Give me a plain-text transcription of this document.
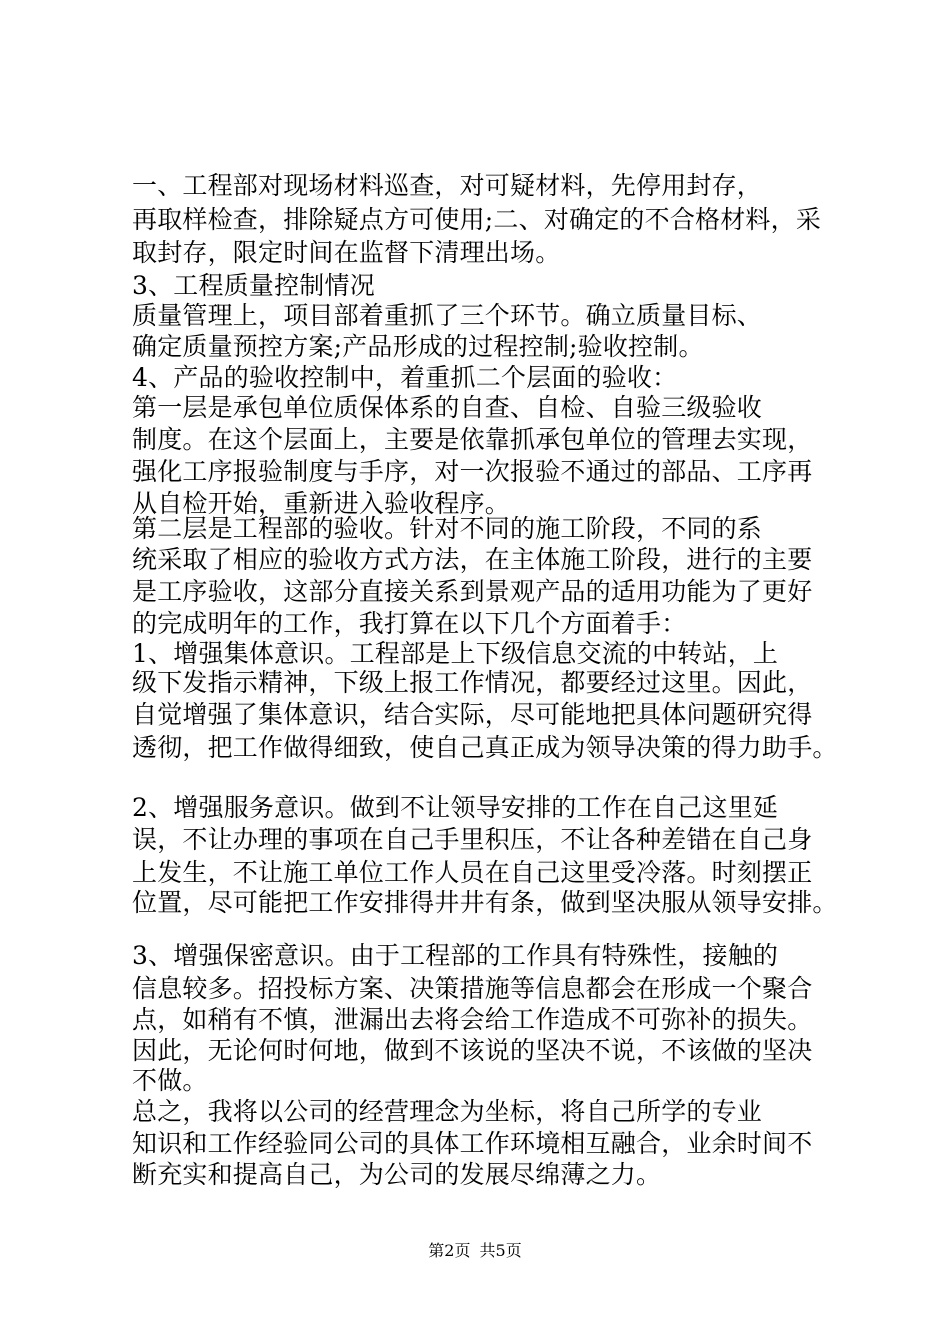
一、工程部对现场材料巡查，对可疑材料，先停用封存，
再取样检查，排除疑点方可使用;二、对确定的不合格材料，采
取封存，限定时间在监督下清理出场。
3、工程质量控制情况
质量管理上，项目部着重抓了三个环节。确立质量目标、
确定质量预控方案;产品形成的过程控制;验收控制。
4、产品的验收控制中，着重抓二个层面的验收：
第一层是承包单位质保体系的自查、自检、自验三级验收
制度。在这个层面上，主要是依靠抓承包单位的管理去实现，
强化工序报验制度与手序，对一次报验不通过的部品、工序再
从自检开始，重新进入验收程序。
第二层是工程部的验收。针对不同的施工阶段，不同的系
统采取了相应的验收方式方法，在主体施工阶段，进行的主要
是工序验收，这部分直接关系到景观产品的适用功能为了更好
的完成明年的工作，我打算在以下几个方面着手：
1、增强集体意识。工程部是上下级信息交流的中转站，上
级下发指示精神，下级上报工作情况，都要经过这里。因此，
自觉增强了集体意识，结合实际，尽可能地把具体问题研究得
透彻，把工作做得细致，使自己真正成为领导决策的得力助手。
2、增强服务意识。做到不让领导安排的工作在自己这里延
误，不让办理的事项在自己手里积压，不让各种差错在自己身
上发生，不让施工单位工作人员在自己这里受冷落。时刻摆正
位置，尽可能把工作安排得井井有条，做到坚决服从领导安排。
3、增强保密意识。由于工程部的工作具有特殊性，接触的
信息较多。招投标方案、决策措施等信息都会在形成一个聚合
点，如稍有不慎，泄漏出去将会给工作造成不可弥补的损失。
因此，无论何时何地，做到不该说的坚决不说，不该做的坚决
不做。
总之，我将以公司的经营理念为坐标，将自己所学的专业
知识和工作经验同公司的具体工作环境相互融合，业余时间不
断充实和提高自己，为公司的发展尽绵薄之力。
第2页 共5页
